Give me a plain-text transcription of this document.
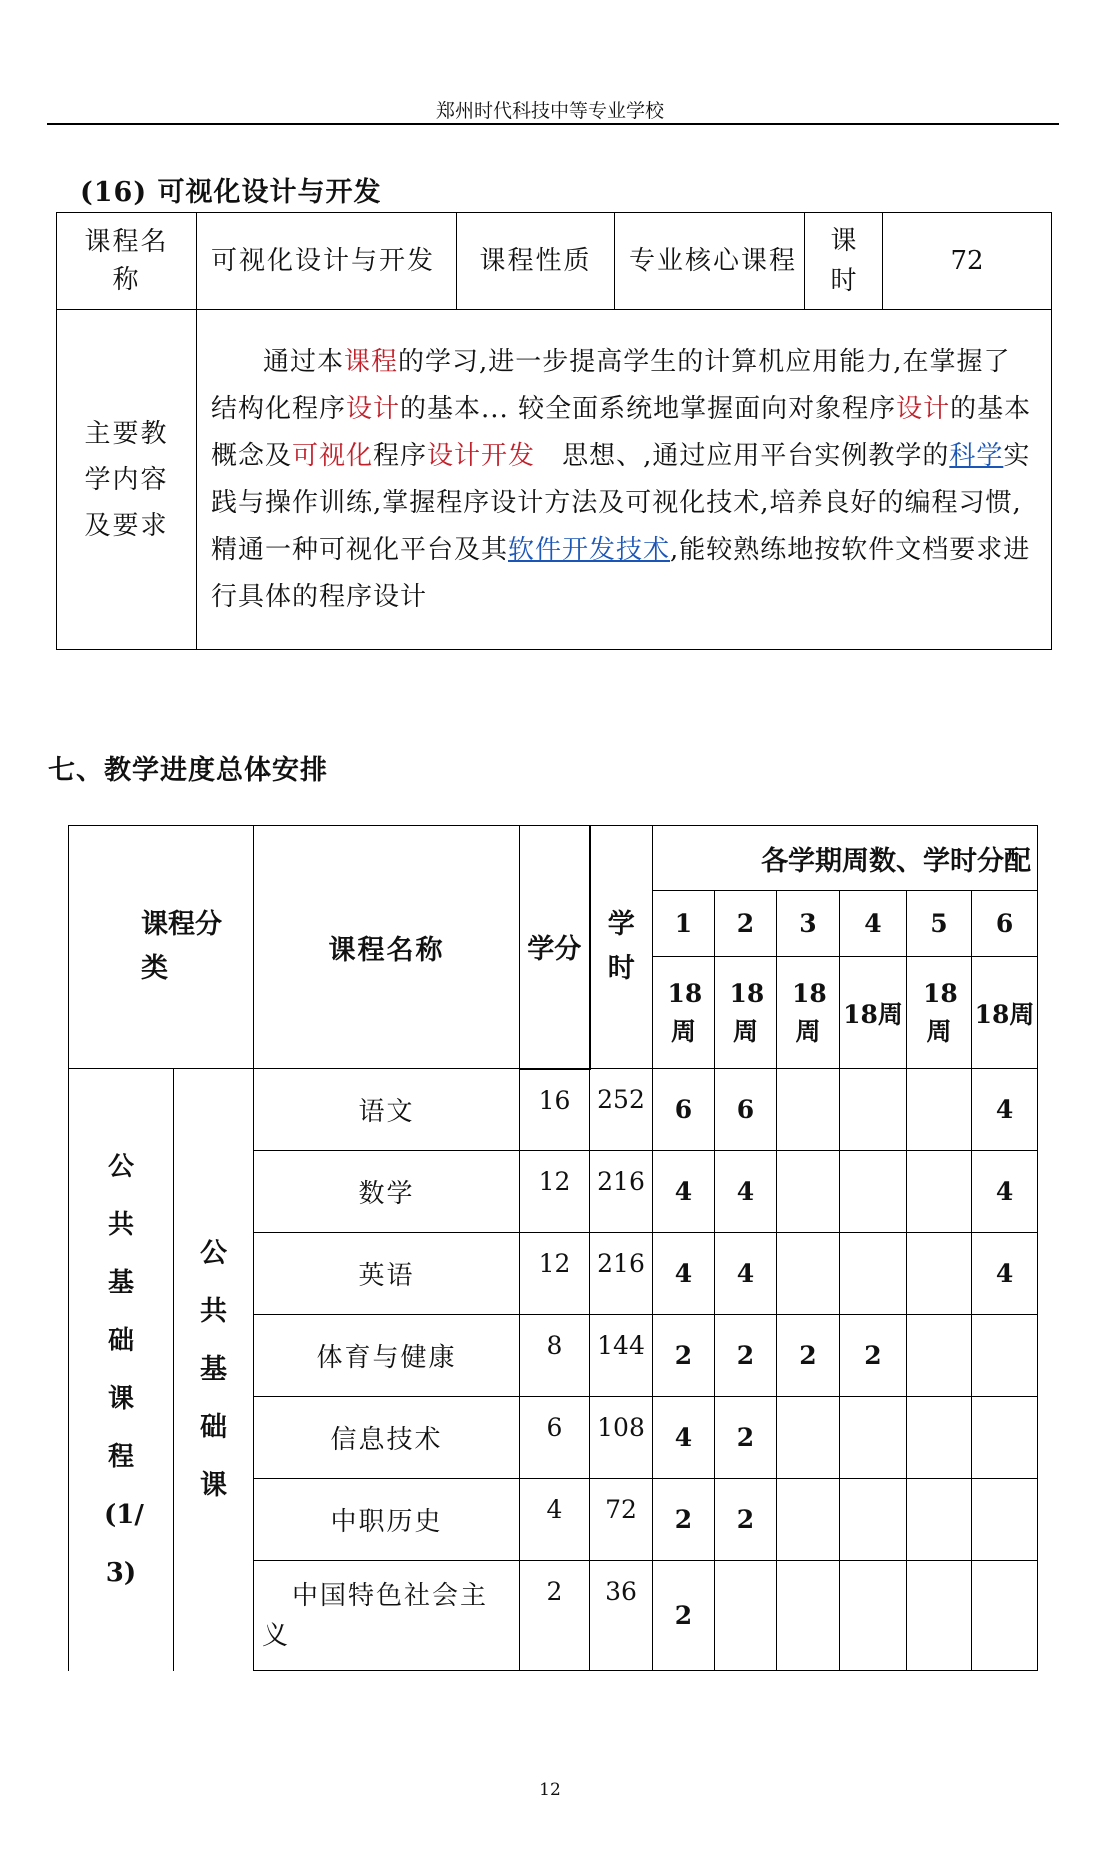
郑州时代科技中等专业学校
(16) 可视化设计与开发
课程名称	可视化设计与开发	课程性质	专业核心课程	课时	72

主要教学内容及要求	通过本课程的学习,进一步提高学生的计算机应用能力,在掌握了结构化程序设计的基本... 较全面系统地掌握面向对象程序设计的基本概念及可视化程序设计开发　思想、,通过应用平台实例教学的科学实践与操作训练,掌握程序设计方法及可视化技术,培养良好的编程习惯,精通一种可视化平台及其软件开发技术,能较熟练地按软件文档要求进行具体的程序设计				
七、教学进度总体安排
课程分类		课程名称	学分	学时	各学期周数、学时分配					
					1	2	3	4	5	6

					18周	18周	18周	18周	18周	18周

公共基础课程(1/3)	公共基础课	语文	16	252	6	6				4
		数学	12	216	4	4				4
		英语	12	216	4	4				4
		体育与健康	8	144	2	2	2	2		
		信息技术	6	108	4	2				
		中职历史	4	72	2	2				

		中国特色社会主义	2	36	2					
12
